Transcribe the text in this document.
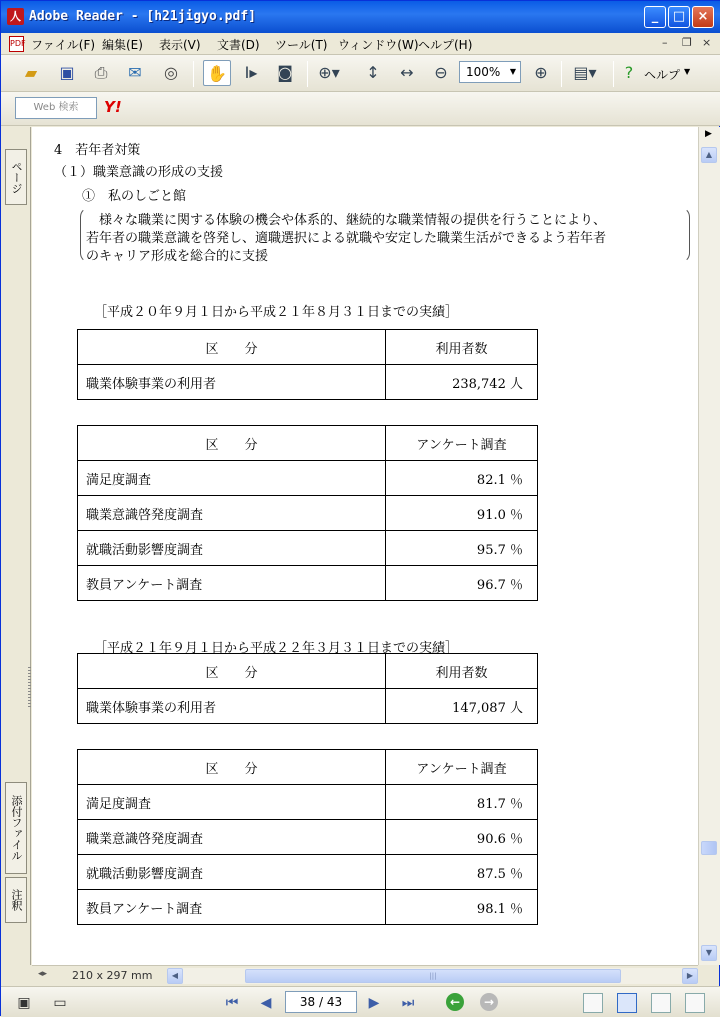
人 Adobe Reader - [h21jigyo.pdf]	_	□ ×
PDF ファイル(F) 編集(E) 表示(V) 文書(D) ツール(T) ウィンドウ(W) ヘルプ(H)	– ❐ ×
▰	▣	⎙	✉	◎	✋	I▸	◙	⊕▾	↕	↔	⊖	⊕	▤▾ ? ヘルプ ▼
100%	▼
Web 検索	Y!
ページ
添付ファイル
注釈
4　若年者対策
（１）職業意識の形成の支援
①　私のしごと館
　様々な職業に関する体験の機会や体系的、継続的な職業情報の提供を行うことにより、
若年者の職業意識を啓発し、適職選択による就職や安定した職業生活ができるよう若年者
のキャリア形成を総合的に支援
［平成２０年９月１日から平成２１年８月３１日までの実績］
区　　分	利用者数
職業体験事業の利用者	238,742 人
区　　分	アンケート調査
満足度調査	82.1 ％
職業意識啓発度調査	91.0 ％
就職活動影響度調査	95.7 ％
教員アンケート調査	96.7 ％
［平成２１年９月１日から平成２２年３月３１日までの実績］
区　　分	利用者数
職業体験事業の利用者	147,087 人
区　　分	アンケート調査
満足度調査	81.7 ％
職業意識啓発度調査	90.6 ％
就職活動影響度調査	87.5 ％
教員アンケート調査	98.1 ％
▶
▲
▼
◂▸ 210 x 297 mm	◀	|||	▶
▣	▭	⏮	◀	38 / 43	▶	⏭	←	→
